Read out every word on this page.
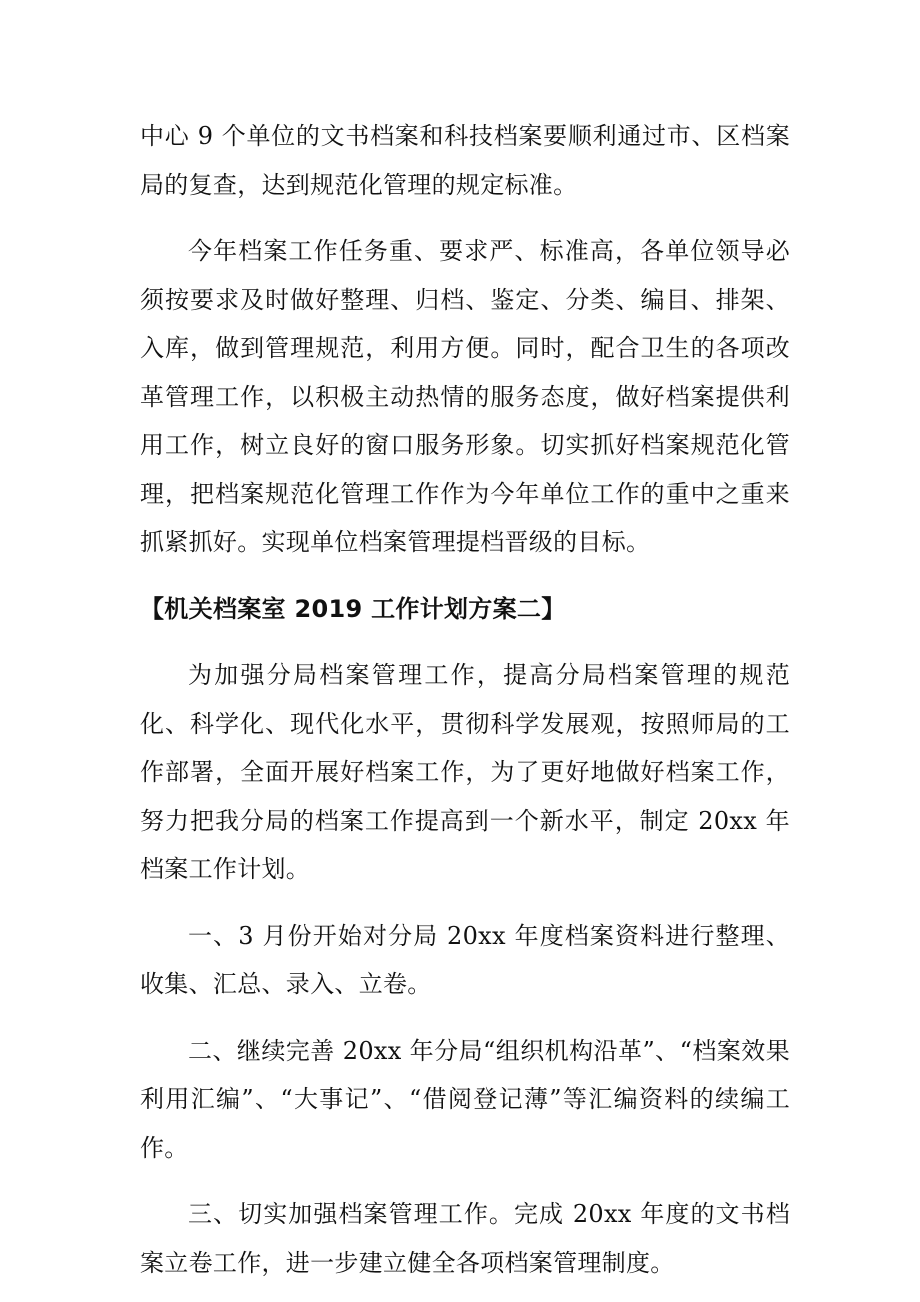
中心 9 个单位的文书档案和科技档案要顺利通过市、区档案局的复查，达到规范化管理的规定标准。

今年档案工作任务重、要求严、标准高，各单位领导必须按要求及时做好整理、归档、鉴定、分类、编目、排架、入库，做到管理规范，利用方便。同时，配合卫生的各项改革管理工作，以积极主动热情的服务态度，做好档案提供利用工作，树立良好的窗口服务形象。切实抓好档案规范化管理，把档案规范化管理工作作为今年单位工作的重中之重来抓紧抓好。实现单位档案管理提档晋级的目标。

【机关档案室 2019 工作计划方案二】

为加强分局档案管理工作，提高分局档案管理的规范化、科学化、现代化水平，贯彻科学发展观，按照师局的工作部署，全面开展好档案工作，为了更好地做好档案工作，努力把我分局的档案工作提高到一个新水平，制定 20xx 年档案工作计划。

一、3 月份开始对分局 20xx 年度档案资料进行整理、收集、汇总、录入、立卷。

二、继续完善 20xx 年分局“组织机构沿革”、“档案效果利用汇编”、“大事记”、“借阅登记薄”等汇编资料的续编工作。

三、切实加强档案管理工作。完成 20xx 年度的文书档案立卷工作，进一步建立健全各项档案管理制度。
